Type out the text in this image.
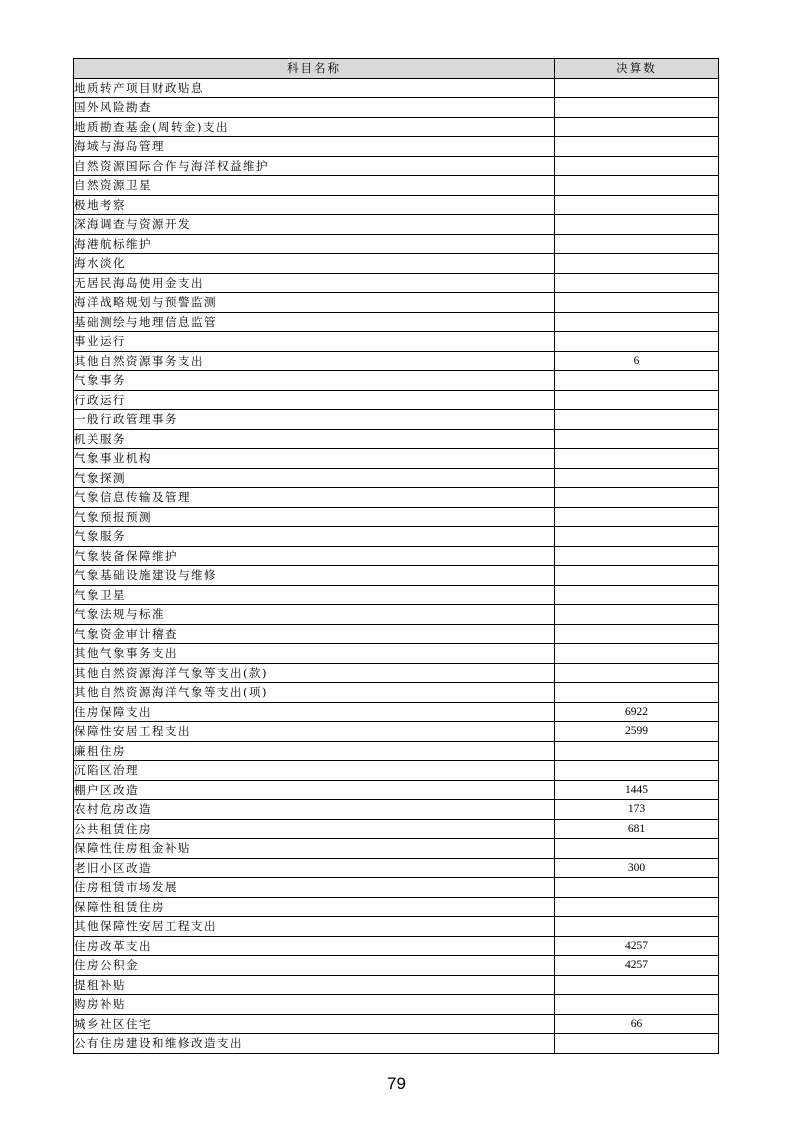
科目名称	决算数
地质转产项目财政贴息	
国外风险勘查	
地质勘查基金(周转金)支出	
海域与海岛管理	
自然资源国际合作与海洋权益维护	
自然资源卫星	
极地考察	
深海调查与资源开发	
海港航标维护	
海水淡化	
无居民海岛使用金支出	
海洋战略规划与预警监测	
基础测绘与地理信息监管	
事业运行	
其他自然资源事务支出	6
气象事务	
行政运行	
一般行政管理事务	
机关服务	
气象事业机构	
气象探测	
气象信息传输及管理	
气象预报预测	
气象服务	
气象装备保障维护	
气象基础设施建设与维修	
气象卫星	
气象法规与标准	
气象资金审计稽查	
其他气象事务支出	
其他自然资源海洋气象等支出(款)	
其他自然资源海洋气象等支出(项)	
住房保障支出	6922
保障性安居工程支出	2599
廉租住房	
沉陷区治理	
棚户区改造	1445
农村危房改造	173
公共租赁住房	681
保障性住房租金补贴	
老旧小区改造	300
住房租赁市场发展	
保障性租赁住房	
其他保障性安居工程支出	
住房改革支出	4257
住房公积金	4257
提租补贴	
购房补贴	
城乡社区住宅	66
公有住房建设和维修改造支出	
79
